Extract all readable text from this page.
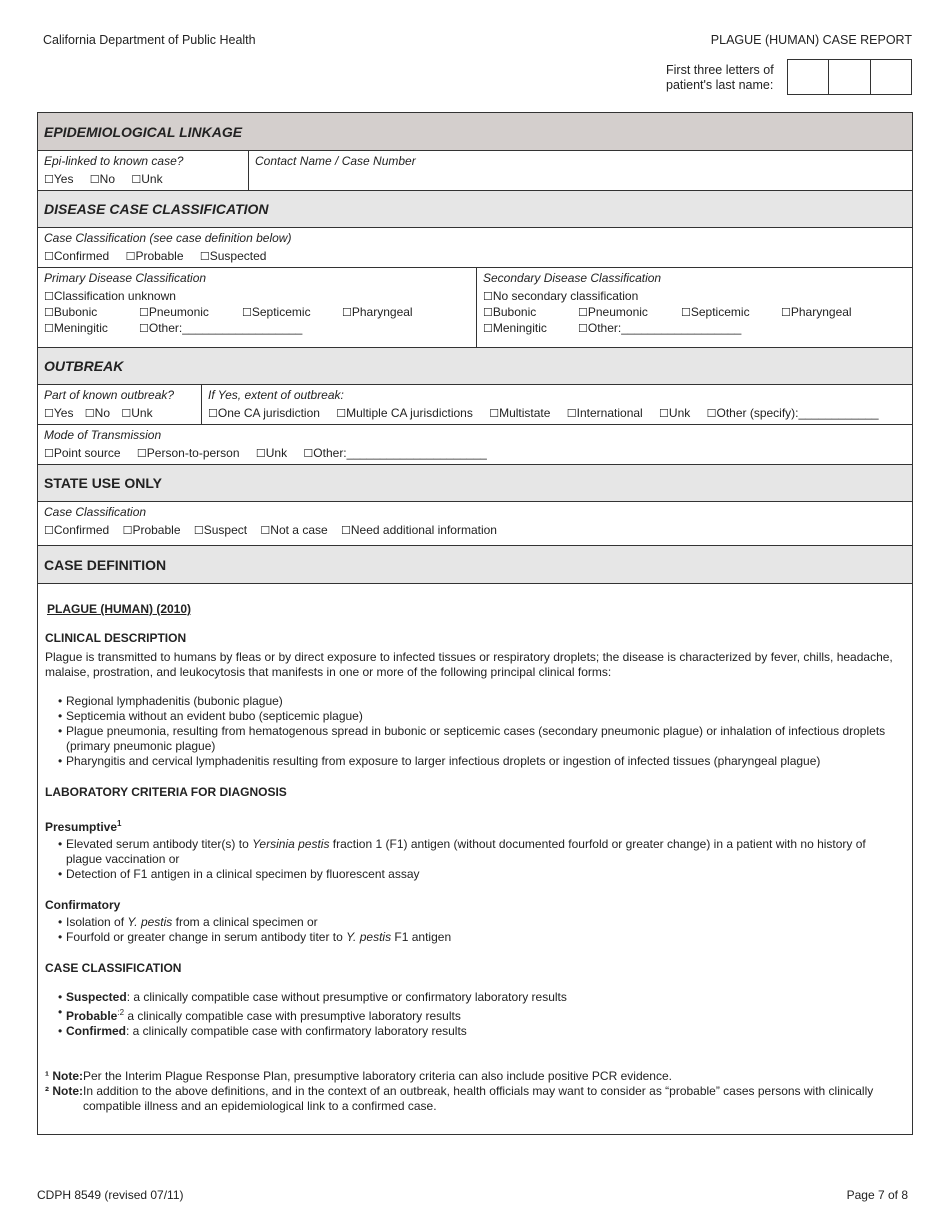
California Department of Public Health	PLAGUE (HUMAN) CASE REPORT
First three letters of
patient's last name:
EPIDEMIOLOGICAL LINKAGE
Epi-linked to known case?
☐Yes ☐No ☐Unk
Contact Name / Case Number
DISEASE CASE CLASSIFICATION
Case Classification (see case definition below)
☐Confirmed ☐Probable ☐Suspected
Primary Disease Classification
☐Classification unknown
☐Bubonic	☐Pneumonic	☐Septicemic	☐Pharyngeal
☐Meningitic	☐Other:__________________
Secondary Disease Classification
☐No secondary classification
☐Bubonic	☐Pneumonic	☐Septicemic	☐Pharyngeal
☐Meningitic	☐Other:__________________
OUTBREAK
Part of known outbreak?
☐Yes ☐No ☐Unk
If Yes, extent of outbreak:
☐One CA jurisdiction ☐Multiple CA jurisdictions ☐Multistate ☐International ☐Unk ☐Other (specify):____________
Mode of Transmission
☐Point source ☐Person-to-person ☐Unk ☐Other:_____________________
STATE USE ONLY
Case Classification
☐Confirmed ☐Probable ☐Suspect ☐Not a case ☐Need additional information
CASE DEFINITION
PLAGUE (HUMAN) (2010)
CLINICAL DESCRIPTION

Plague is transmitted to humans by fleas or by direct exposure to infected tissues or respiratory droplets; the disease is characterized by fever, chills, headache, malaise, prostration, and leukocytosis that manifests in one or more of the following principal clinical forms:

• Regional lymphadenitis (bubonic plague)
• Septicemia without an evident bubo (septicemic plague)
• Plague pneumonia, resulting from hematogenous spread in bubonic or septicemic cases (secondary pneumonic plague) or inhalation of infectious droplets (primary pneumonic plague)
• Pharyngitis and cervical lymphadenitis resulting from exposure to larger infectious droplets or ingestion of infected tissues (pharyngeal plague)
LABORATORY CRITERIA FOR DIAGNOSIS
Presumptive$^1$
• Elevated serum antibody titer(s) to Yersinia pestis fraction 1 (F1) antigen (without documented fourfold or greater change) in a patient with no history of plague vaccination or
• Detection of F1 antigen in a clinical specimen by fluorescent assay
Confirmatory
• Isolation of Y. pestis from a clinical specimen or
• Fourfold or greater change in serum antibody titer to Y. pestis F1 antigen
CASE CLASSIFICATION
• Suspected: a clinically compatible case without presumptive or confirmatory laboratory results
• Probable$^{:2}$ a clinically compatible case with presumptive laboratory results
• Confirmed: a clinically compatible case with confirmatory laboratory results
¹ Note: Per the Interim Plague Response Plan, presumptive laboratory criteria can also include positive PCR evidence.
² Note: In addition to the above definitions, and in the context of an outbreak, health officials may want to consider as “probable” cases persons with clinically compatible illness and an epidemiological link to a confirmed case.
CDPH 8549 (revised 07/11)	Page 7 of 8
